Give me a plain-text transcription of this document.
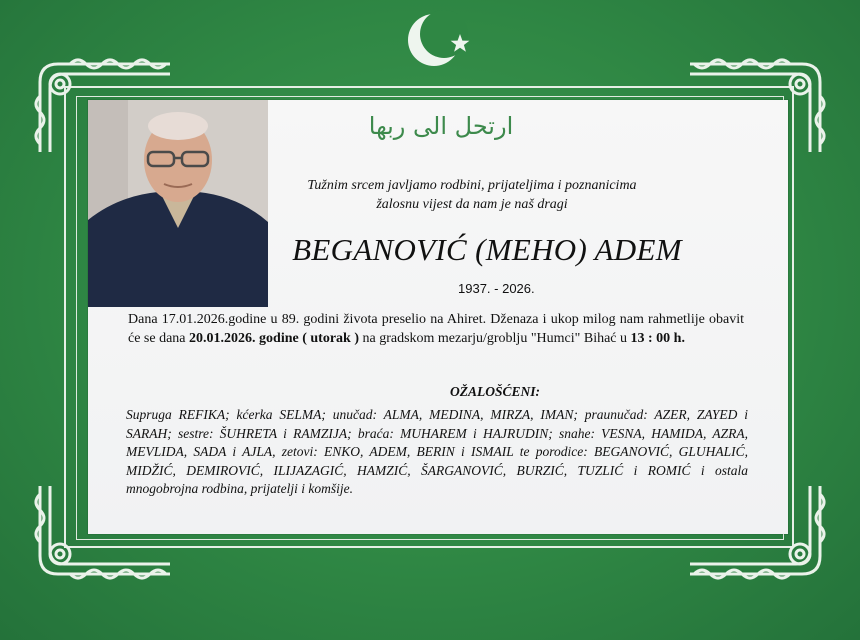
ارتحل الى ربها
Tužnim srcem javljamo rodbini, prijateljima i poznanicima
žalosnu vijest da nam je naš dragi
BEGANOVIĆ (MEHO) ADEM
1937. - 2026.
Dana 17.01.2026.godine u 89. godini života preselio na Ahiret. Dženaza i ukop milog nam rahmetlije obavit će se dana 20.01.2026. godine ( utorak ) na gradskom mezarju/groblju "Humci" Bihać u 13 : 00 h.
OŽALOŠĆENI:
Supruga REFIKA; kćerka SELMA; unučad: ALMA, MEDINA, MIRZA, IMAN; praunučad: AZER, ZAYED i SARAH; sestre: ŠUHRETA i RAMZIJA; braća: MUHAREM i HAJRUDIN; snahe: VESNA, HAMIDA, AZRA, MEVLIDA, SADA i AJLA, zetovi: ENKO, ADEM, BERIN i ISMAIL te porodice: BEGANOVIĆ, GLUHALIĆ, MIDŽIĆ, DEMIROVIĆ, ILIJAZAGIĆ, HAMZIĆ, ŠARGANOVIĆ, BURZIĆ, TUZLIĆ i ROMIĆ i ostala mnogobrojna rodbina, prijatelji i komšije.
